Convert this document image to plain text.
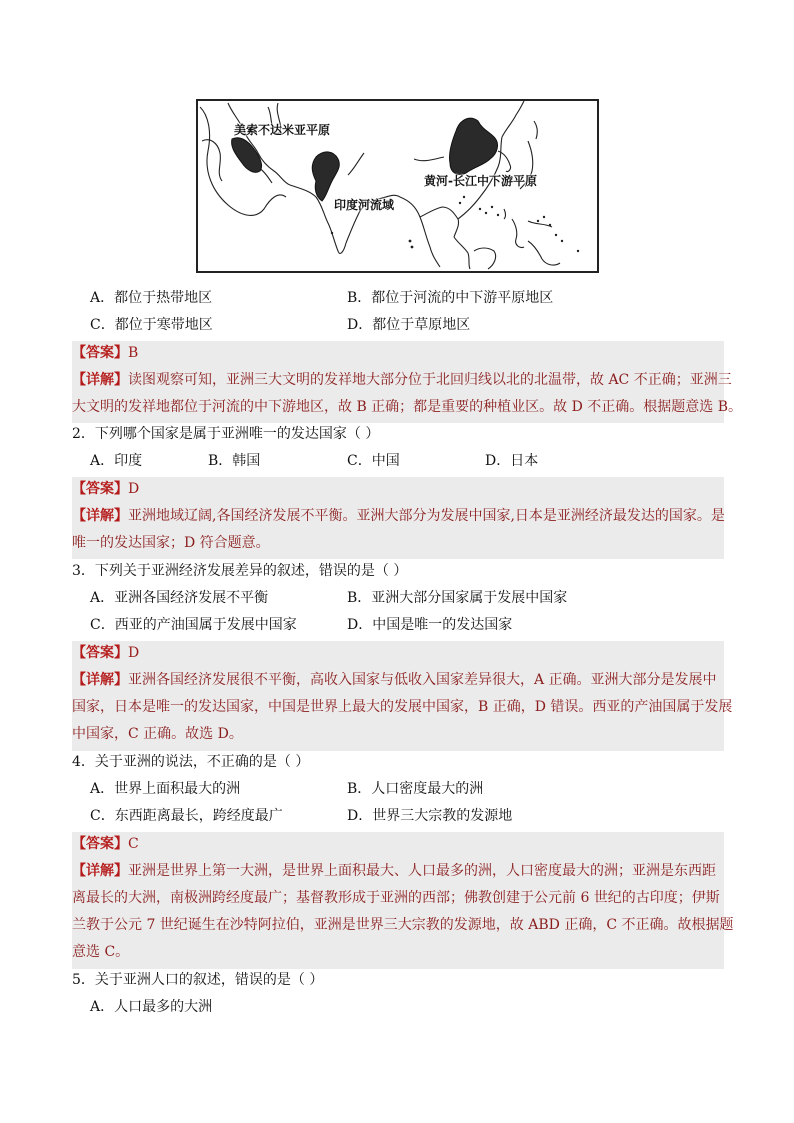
美索不达米亚平原
印度河流域
黄河-长江中下游平原
A．都位于热带地区	B．都位于河流的中下游平原地区
C．都位于寒带地区	D．都位于草原地区
【答案】B
【详解】读图观察可知，亚洲三大文明的发祥地大部分位于北回归线以北的北温带，故 AC 不正确；亚洲三
大文明的发祥地都位于河流的中下游地区，故 B 正确；都是重要的种植业区。故 D 不正确。根据题意选 B。
2．下列哪个国家是属于亚洲唯一的发达国家（ ）
A．印度	B．韩国	C．中国	D．日本
【答案】D
【详解】亚洲地域辽阔,各国经济发展不平衡。亚洲大部分为发展中国家,日本是亚洲经济最发达的国家。是
唯一的发达国家；D 符合题意。
3．下列关于亚洲经济发展差异的叙述，错误的是（ ）
A．亚洲各国经济发展不平衡	B．亚洲大部分国家属于发展中国家
C．西亚的产油国属于发展中国家	D．中国是唯一的发达国家
【答案】D
【详解】亚洲各国经济发展很不平衡，高收入国家与低收入国家差异很大，A 正确。亚洲大部分是发展中
国家，日本是唯一的发达国家，中国是世界上最大的发展中国家，B 正确，D 错误。西亚的产油国属于发展
中国家，C 正确。故选 D。
4．关于亚洲的说法，不正确的是（ ）
A．世界上面积最大的洲	B．人口密度最大的洲
C．东西距离最长，跨经度最广	D．世界三大宗教的发源地
【答案】C
【详解】亚洲是世界上第一大洲，是世界上面积最大、人口最多的洲，人口密度最大的洲；亚洲是东西距
离最长的大洲，南极洲跨经度最广；基督教形成于亚洲的西部；佛教创建于公元前 6 世纪的古印度；伊斯
兰教于公元 7 世纪诞生在沙特阿拉伯，亚洲是世界三大宗教的发源地，故 ABD 正确，C 不正确。故根据题
意选 C。
5．关于亚洲人口的叙述，错误的是（ ）
A．人口最多的大洲
